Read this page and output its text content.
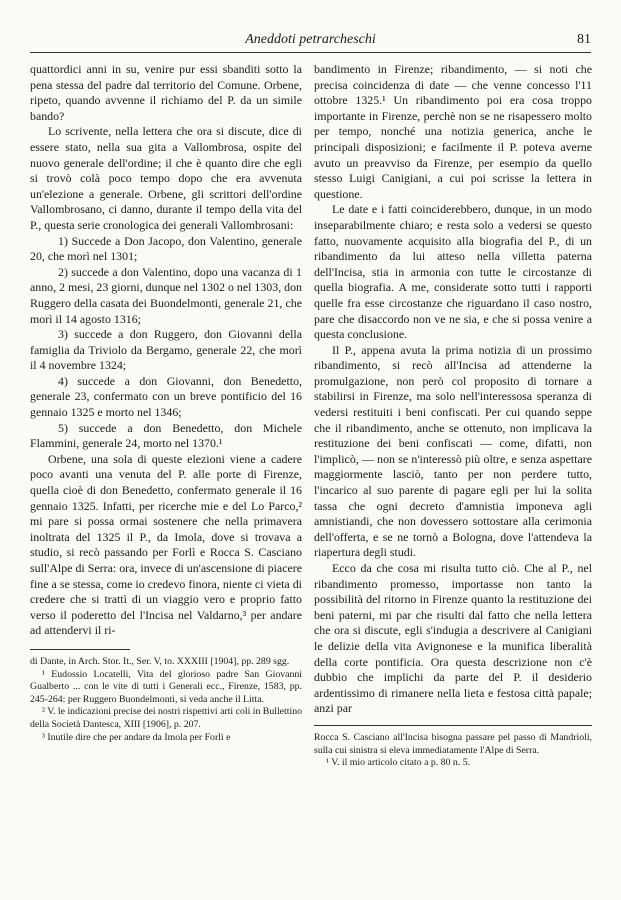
Aneddoti petrarcheschi	81

quattordici anni in su, venire pur essi sbanditi sotto la pena stessa del padre dal territorio del Comune. Orbene, ripeto, quando avvenne il richiamo del P. da un simile bando?

Lo scrivente, nella lettera che ora si discute, dice di essere stato, nella sua gita a Vallombrosa, ospite del nuovo generale dell'ordine; il che è quanto dire che egli si trovò colà poco tempo dopo che era avvenuta un'elezione a generale. Orbene, gli scrittori dell'ordine Vallombrosano, ci danno, durante il tempo della vita del P., questa serie cronologica dei generali Vallombrosani:

1) Succede a Don Jacopo, don Valentino, generale 20, che morì nel 1301;

2) succede a don Valentino, dopo una vacanza di 1 anno, 2 mesi, 23 giorni, dunque nel 1302 o nel 1303, don Ruggero della casata dei Buondelmonti, generale 21, che morì il 14 agosto 1316;

3) succede a don Ruggero, don Giovanni della famiglia da Triviolo da Bergamo, generale 22, che morì il 4 novembre 1324;

4) succede a don Giovanni, don Benedetto, generale 23, confermato con un breve pontificio del 16 gennaio 1325 e morto nel 1346;

5) succede a don Benedetto, don Michele Flammini, generale 24, morto nel 1370.¹

Orbene, una sola di queste elezioni viene a cadere poco avanti una venuta del P. alle porte di Firenze, quella cioè di don Benedetto, confermato generale il 16 gennaio 1325. Infatti, per ricerche mie e del Lo Parco,² mi pare si possa ormai sostenere che nella primavera inoltrata del 1325 il P., da Imola, dove si trovava a studio, si recò passando per Forlì e Rocca S. Casciano sull'Alpe di Serra: ora, invece di un'ascensione di piacere fine a se stessa, come io credevo finora, niente ci vieta di credere che si trattì di un viaggio vero e proprio fatto verso il poderetto del l'Incisa nel Valdarno,³ per andare ad attendervi il ri-

di Dante, in Arch. Stor. It., Ser. V, to. XXXIII [1904], pp. 289 sgg.

¹ Eudossio Locatelli, Vita del glorioso padre San Giovanni Gualberto ... con le vite di tutti i Generali ecc., Firenze, 1583, pp. 245-264: per Ruggero Buondelmonti, si veda anche il Litta.

² V. le indicazioni precise dei nostri rispettivi arti coli in Bullettino della Società Dantesca, XIII [1906], p. 207.

³ Inutile dire che per andare da Imola per Forlì e

bandimento in Firenze; ribandimento, — si noti che precisa coincidenza di date — che venne concesso l'11 ottobre 1325.¹ Un ribandimento poi era cosa troppo importante in Firenze, perchè non se ne risapessero molto per tempo, nonché una notizia generica, anche le principali disposizioni; e facilmente il P. poteva averne avuto un preavviso da Firenze, per esempio da quello stesso Luigi Canigiani, a cui poi scrisse la lettera in questione.

Le date e i fatti coinciderebbero, dunque, in un modo inseparabilmente chiaro; e resta solo a vedersi se questo fatto, nuovamente acquisito alla biografia del P., di un ribandimento da lui atteso nella villetta paterna dell'Incisa, stia in armonia con tutte le circostanze di quella biografia. A me, considerate sotto tutti i rapporti quelle fra esse circostanze che riguardano il caso nostro, pare che disaccordo non ve ne sia, e che si possa venire a questa conclusione.

Il P., appena avuta la prima notizia di un prossimo ribandimento, si recò all'Incisa ad attenderne la promulgazione, non però col proposito di tornare a stabilirsi in Firenze, ma solo nell'interessosa speranza di vedersi restituiti i beni confiscati. Per cui quando seppe che il ribandimento, anche se ottenuto, non implicava la restituzione dei beni confiscati — come, difatti, non l'implicò, — non se n'interessò più oltre, e senza aspettare maggiormente lasciò, tanto per non perdere tutto, l'incarico al suo parente di pagare egli per lui la solita tassa che ogni decreto d'amnistia imponeva agli amnistiandi, che non dovessero sottostare alla cerimonia dell'offerta, e se ne tornò a Bologna, dove l'attendeva la riapertura degli studi.

Ecco da che cosa mi risulta tutto ciò. Che al P., nel ribandimento promesso, importasse non tanto la possibilità del ritorno in Firenze quanto la restituzione dei beni paterni, mi par che risulti dal fatto che nella lettera che ora si discute, egli s'indugia a descrivere al Canigiani le delizie della vita Avignonese e la munifica liberalità della corte pontificia. Ora questa descrizione non c'è dubbio che implichi da parte del P. il desiderio ardentissimo di rimanere nella lieta e festosa città papale; anzi par

Rocca S. Casciano all'Incisa bisogna passare pel passo di Mandrioli, sulla cui sinistra si eleva immediatamente l'Alpe di Serra.

¹ V. il mio articolo citato a p. 80 n. 5.
